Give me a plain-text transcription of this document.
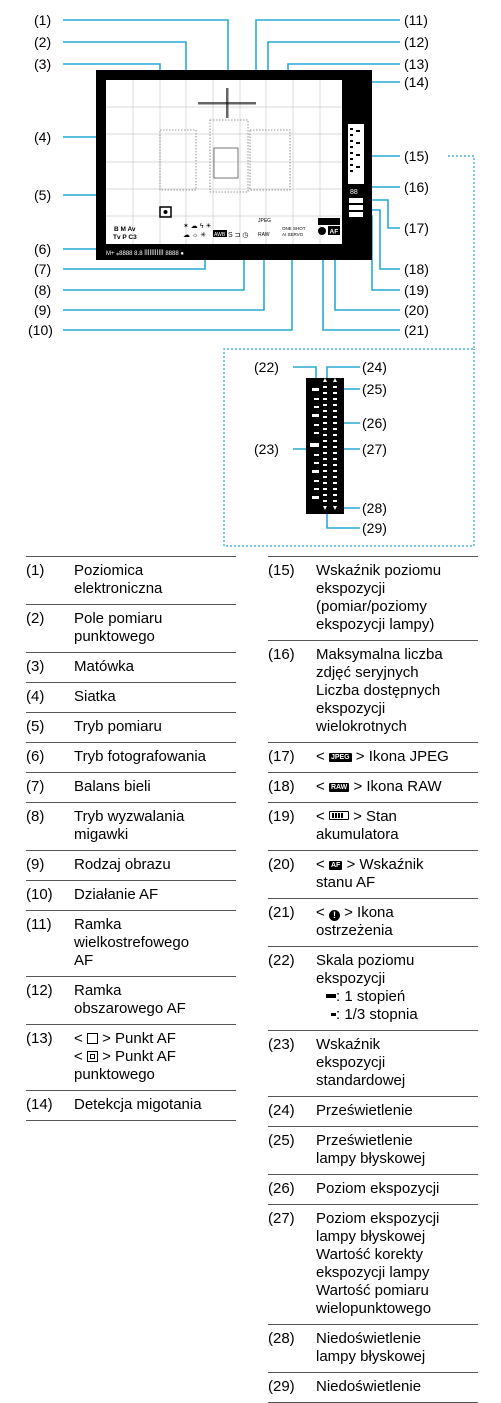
(1)
(2)
(3)
(4)
(5)
(6)
(7)
(8)
(9)
(10)
(11)
(12)
(13)
(14)
(15)
(16)
(17)
(18)
(19)
(20)
(21)
B M Av
Tv P C3
✶ ☁ ϟ ☀
☁ ☼ ✳ AWB S ⊐ ◷
JPEG
RAW
ONE SHOT
AI SERVO	AF
88
M+ ⁎8888 8.8 ꟾꟾꟾꟾꟾꟾꟾꟾꟾꟾꟾ 8888 ●
(22)
(23)
(24)
(25)
(26)
(27)
(28)
(29)
(1)	Poziomica
elektroniczna
(2)	Pole pomiaru
punktowego
(3)	Matówka
(4)	Siatka
(5)	Tryb pomiaru
(6)	Tryb fotografowania
(7)	Balans bieli
(8)	Tryb wyzwalania
migawki
(9)	Rodzaj obrazu
(10)	Działanie AF
(11)	Ramka
wielkostrefowego
AF
(12)	Ramka
obszarowego AF
(13)	<  > Punkt AF
<  > Punkt AF
punktowego
(14)	Detekcja migotania
(15)	Wskaźnik poziomu
ekspozycji
(pomiar/poziomy
ekspozycji lampy)
(16)	Maksymalna liczba
zdjęć seryjnych
Liczba dostępnych
ekspozycji
wielokrotnych
(17)	< JPEG > Ikona JPEG
(18)	< RAW > Ikona RAW
(19)	<  > Stan
akumulatora
(20)	< AF > Wskaźnik
stanu AF
(21)	< ! > Ikona
ostrzeżenia
(22)	Skala poziomu
ekspozycji
: 1 stopień
: 1/3 stopnia
(23)	Wskaźnik
ekspozycji
standardowej
(24)	Prześwietlenie
(25)	Prześwietlenie
lampy błyskowej
(26)	Poziom ekspozycji
(27)	Poziom ekspozycji
lampy błyskowej
Wartość korekty
ekspozycji lampy
Wartość pomiaru
wielopunktowego
(28)	Niedoświetlenie
lampy błyskowej
(29)	Niedoświetlenie
